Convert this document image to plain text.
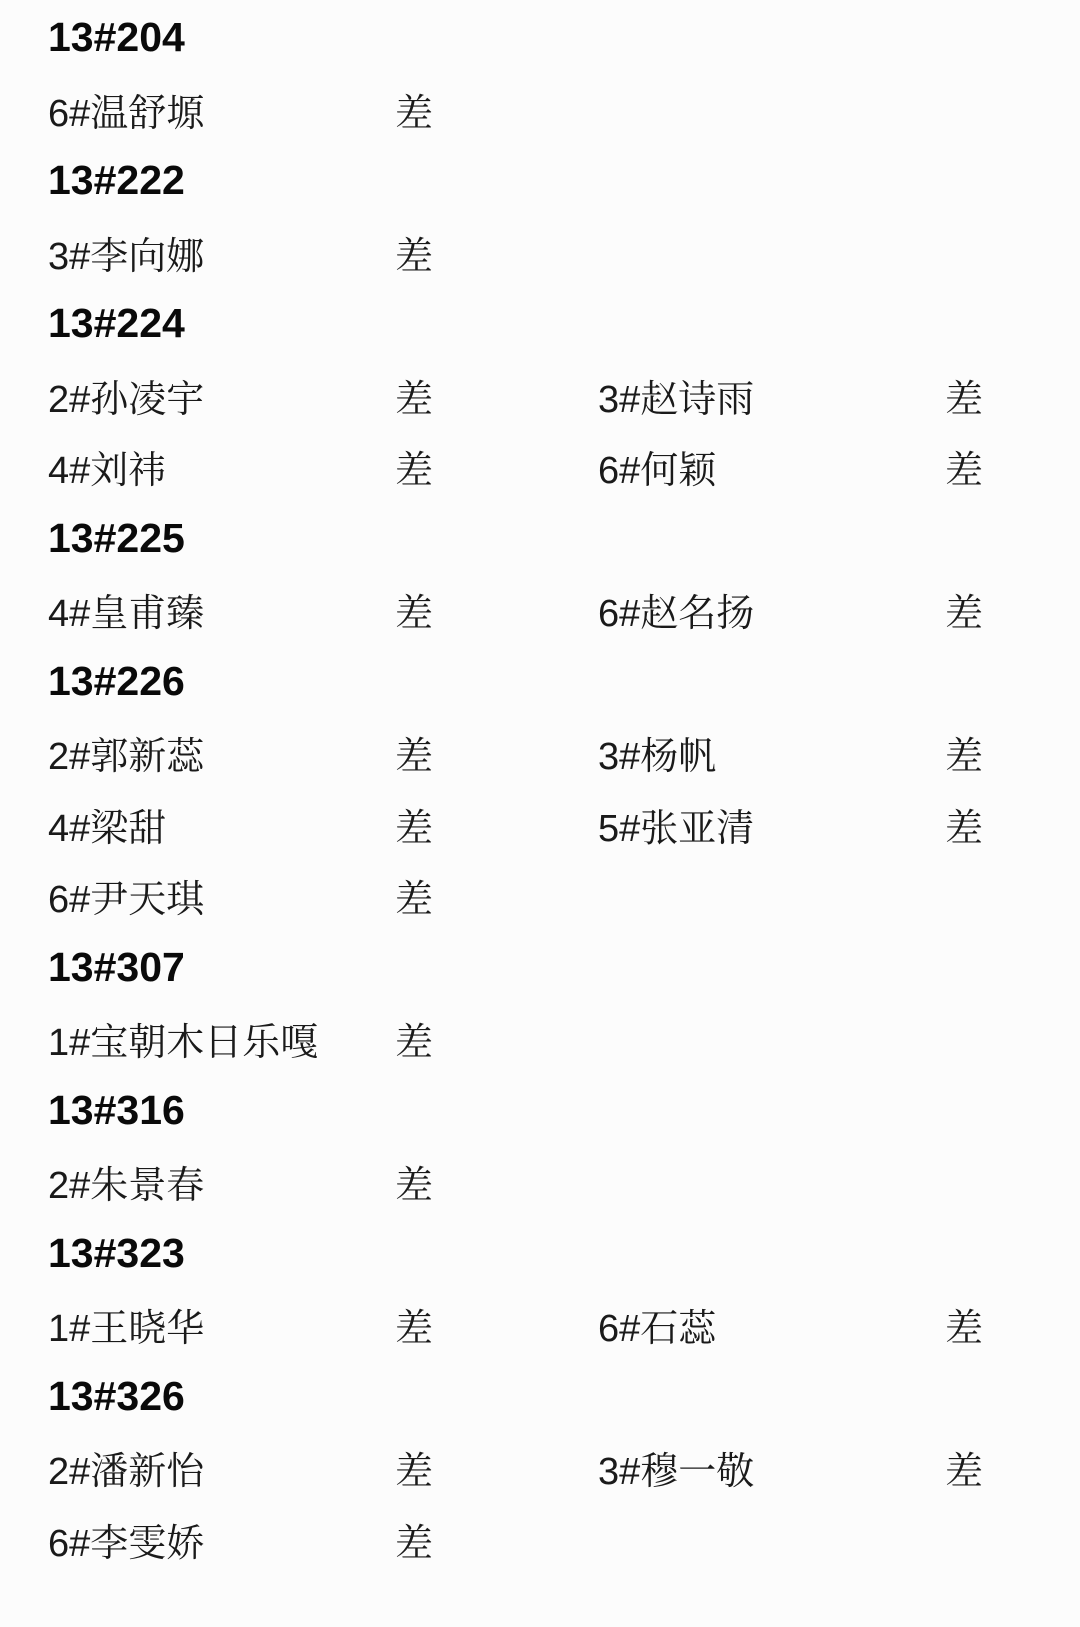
13#204
6#温舒塬	差
13#222
3#李向娜	差
13#224
2#孙凌宇	差	3#赵诗雨	差
4#刘祎	差	6#何颖	差
13#225
4#皇甫臻	差	6#赵名扬	差
13#226
2#郭新蕊	差	3#杨帆	差
4#梁甜	差	5#张亚清	差
6#尹天琪	差
13#307
1#宝朝木日乐嘎	差
13#316
2#朱景春	差
13#323
1#王晓华	差	6#石蕊	差
13#326
2#潘新怡	差	3#穆一敬	差
6#李雯娇	差
